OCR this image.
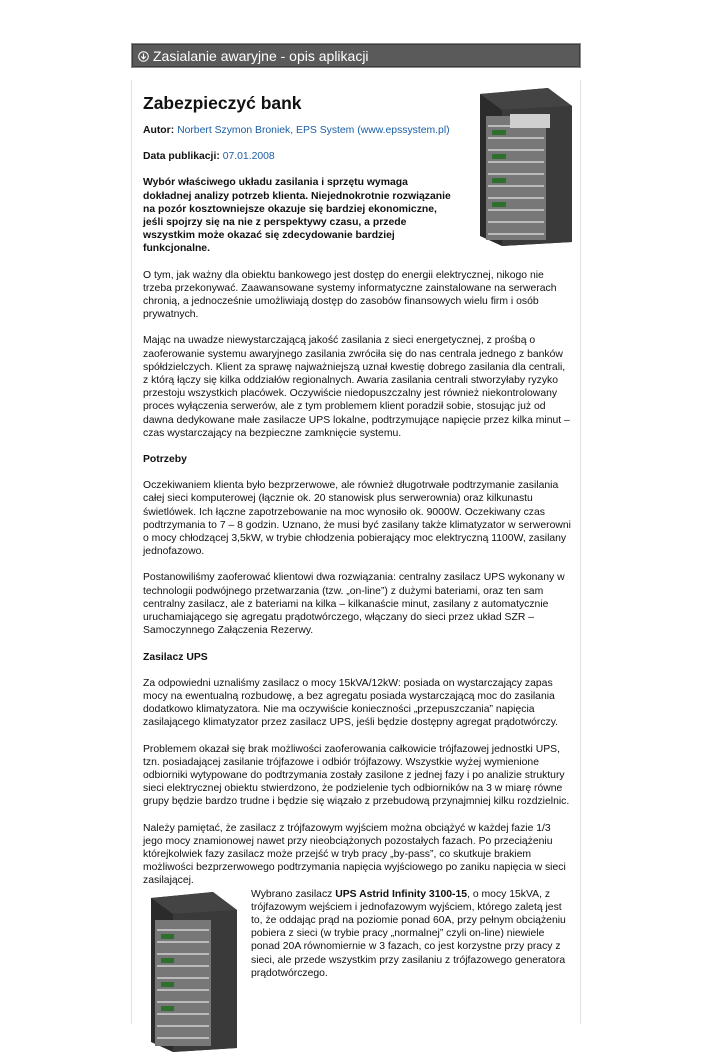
Zasialanie awaryjne - opis aplikacji
Zabezpieczyć bank

Autor: Norbert Szymon Broniek, EPS System (www.epssystem.pl)

Data publikacji: 07.01.2008

Wybór właściwego układu zasilania i sprzętu wymaga dokładnej analizy potrzeb klienta. Niejednokrotnie rozwiązanie na pozór kosztowniejsze okazuje się bardziej ekonomiczne, jeśli spojrzy się na nie z perspektywy czasu, a przede wszystkim może okazać się zdecydowanie bardziej funkcjonalne.

O tym, jak ważny dla obiektu bankowego jest dostęp do energii elektrycznej, nikogo nie trzeba przekonywać. Zaawansowane systemy informatyczne zainstalowane na serwerach chronią, a jednocześnie umożliwiają dostęp do zasobów finansowych wielu firm i osób prywatnych.

Mając na uwadze niewystarczającą jakość zasilania z sieci energetycznej, z prośbą o zaoferowanie systemu awaryjnego zasilania zwróciła się do nas centrala jednego z banków spółdzielczych. Klient za sprawę najważniejszą uznał kwestię dobrego zasilania dla centrali, z którą łączy się kilka oddziałów regionalnych. Awaria zasilania centrali stworzyłaby ryzyko przestoju wszystkich placówek. Oczywiście niedopuszczalny jest również niekontrolowany proces wyłączenia serwerów, ale z tym problemem klient poradził sobie, stosując już od dawna dedykowane małe zasilacze UPS lokalne, podtrzymujące napięcie przez kilka minut – czas wystarczający na bezpieczne zamknięcie systemu.

Potrzeby

Oczekiwaniem klienta było bezprzerwowe, ale również długotrwałe podtrzymanie zasilania całej sieci komputerowej (łącznie ok. 20 stanowisk plus serwerownia) oraz kilkunastu świetlówek. Ich łączne zapotrzebowanie na moc wynosiło ok. 9000W. Oczekiwany czas podtrzymania to 7 – 8 godzin. Uznano, że musi być zasilany także klimatyzator w serwerowni o mocy chłodzącej 3,5kW, w trybie chłodzenia pobierający moc elektryczną 1100W, zasilany jednofazowo.

Postanowiliśmy zaoferować klientowi dwa rozwiązania: centralny zasilacz UPS wykonany w technologii podwójnego przetwarzania (tzw. „on-line”) z dużymi bateriami, oraz ten sam centralny zasilacz, ale z bateriami na kilka – kilkanaście minut, zasilany z automatycznie uruchamiającego się agregatu prądotwórczego, włączany do sieci przez układ SZR – Samoczynnego Załączenia Rezerwy.

Zasilacz UPS

Za odpowiedni uznaliśmy zasilacz o mocy 15kVA/12kW: posiada on wystarczający zapas mocy na ewentualną rozbudowę, a bez agregatu posiada wystarczającą moc do zasilania dodatkowo klimatyzatora. Nie ma oczywiście konieczności „przepuszczania” napięcia zasilającego klimatyzator przez zasilacz UPS, jeśli będzie dostępny agregat prądotwórczy.

Problemem okazał się brak możliwości zaoferowania całkowicie trójfazowej jednostki UPS, tzn. posiadającej zasilanie trójfazowe i odbiór trójfazowy. Wszystkie wyżej wymienione odbiorniki wytypowane do podtrzymania zostały zasilone z jednej fazy i po analizie struktury sieci elektrycznej obiektu stwierdzono, że podzielenie tych odbiorników na 3 w miarę równe grupy będzie bardzo trudne i będzie się wiązało z przebudową przynajmniej kilku rozdzielnic.

Należy pamiętać, że zasilacz z trójfazowym wyjściem można obciążyć w każdej fazie 1/3 jego mocy znamionowej nawet przy nieobciążonych pozostałych fazach. Po przeciążeniu którejkolwiek fazy zasilacz może przejść w tryb pracy „by-pass”, co skutkuje brakiem możliwości bezprzerwowego podtrzymania napięcia wyjściowego po zaniku napięcia w sieci zasilającej.

Wybrano zasilacz UPS Astrid Infinity 3100-15, o mocy 15kVA, z trójfazowym wejściem i jednofazowym wyjściem, którego zaletą jest to, że oddając prąd na poziomie ponad 60A, przy pełnym obciążeniu pobiera z sieci (w trybie pracy „normalnej” czyli on-line) niewiele ponad 20A równomiernie w 3 fazach, co jest korzystne przy pracy z sieci, ale przede wszystkim przy zasilaniu z trójfazowego generatora prądotwórczego.
